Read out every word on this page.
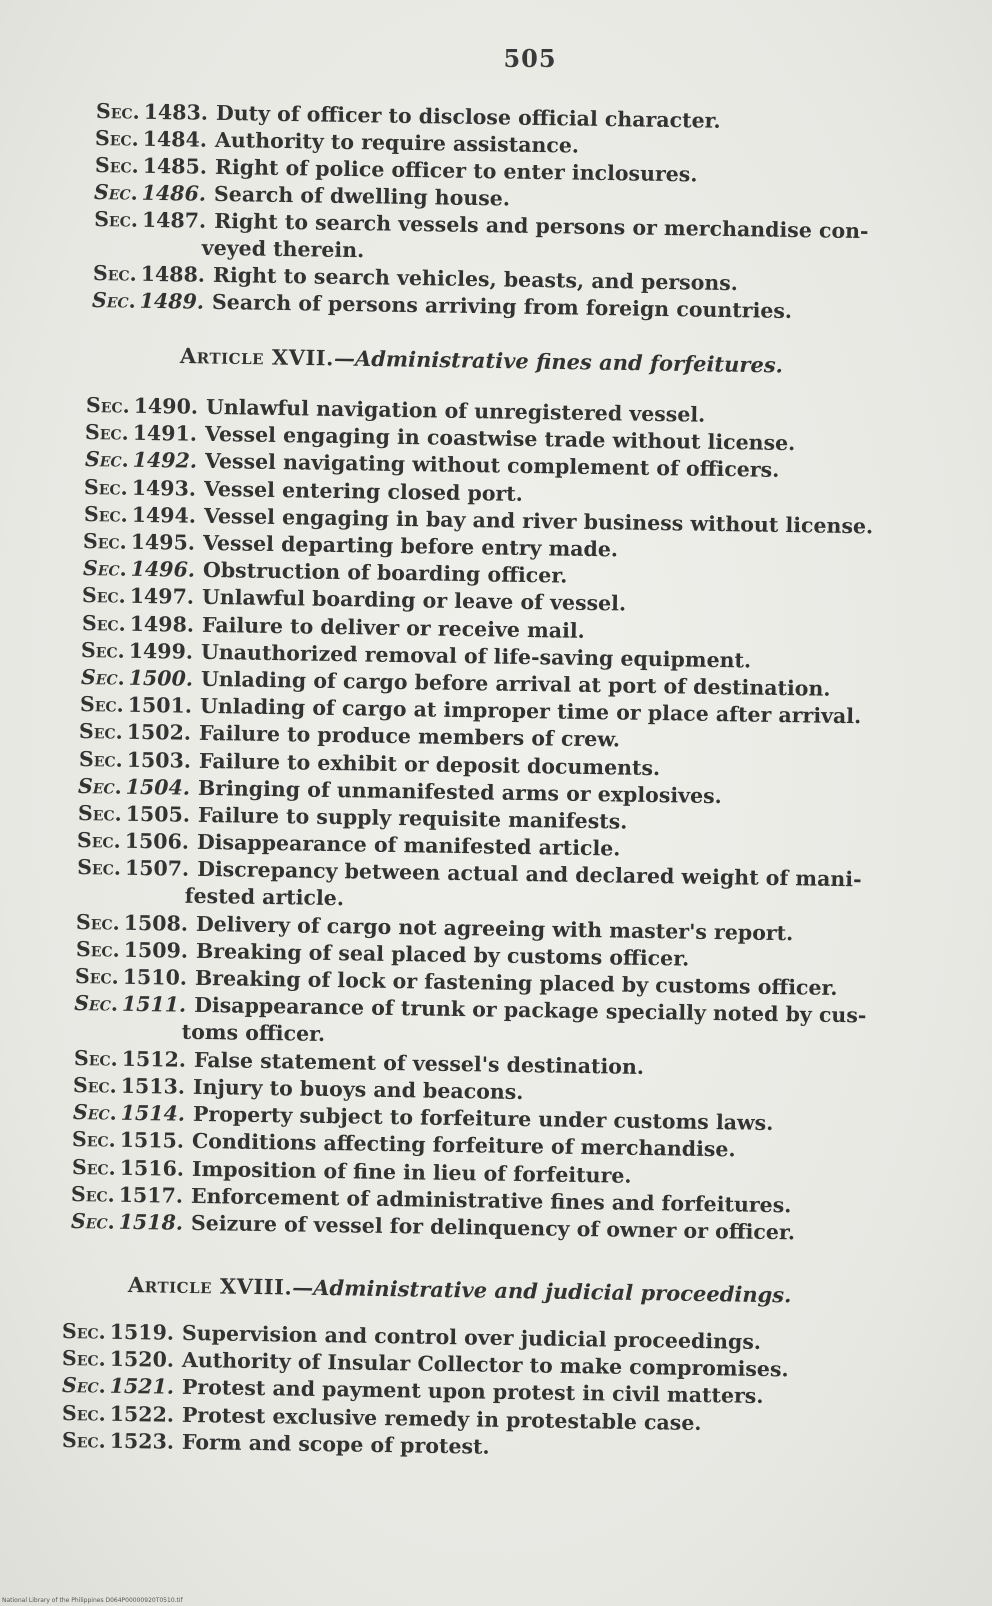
505
Sec. 1483 . Duty of officer to disclose official character.
Sec. 1484 . Authority to require assistance.
Sec. 1485 . Right of police officer to enter inclosures.
Sec. 1486 . Search of dwelling house.
Sec. 1487 . Right to search vessels and persons or merchandise con-
veyed therein.
Sec. 1488 . Right to search vehicles, beasts, and persons.
Sec. 1489 . Search of persons arriving from foreign countries.
Article XVII.—Administrative fines and forfeitures.
Sec. 1490 . Unlawful navigation of unregistered vessel.
Sec. 1491 . Vessel engaging in coastwise trade without license.
Sec. 1492 . Vessel navigating without complement of officers.
Sec. 1493 . Vessel entering closed port.
Sec. 1494 . Vessel engaging in bay and river business without license.
Sec. 1495 . Vessel departing before entry made.
Sec. 1496 . Obstruction of boarding officer.
Sec. 1497 . Unlawful boarding or leave of vessel.
Sec. 1498 . Failure to deliver or receive mail.
Sec. 1499 . Unauthorized removal of life-saving equipment.
Sec. 1500 . Unlading of cargo before arrival at port of destination.
Sec. 1501 . Unlading of cargo at improper time or place after arrival.
Sec. 1502 . Failure to produce members of crew.
Sec. 1503 . Failure to exhibit or deposit documents.
Sec. 1504 . Bringing of unmanifested arms or explosives.
Sec. 1505 . Failure to supply requisite manifests.
Sec. 1506 . Disappearance of manifested article.
Sec. 1507 . Discrepancy between actual and declared weight of mani-
fested article.
Sec. 1508 . Delivery of cargo not agreeing with master's report.
Sec. 1509 . Breaking of seal placed by customs officer.
Sec. 1510 . Breaking of lock or fastening placed by customs officer.
Sec. 1511 . Disappearance of trunk or package specially noted by cus-
toms officer.
Sec. 1512 . False statement of vessel's destination.
Sec. 1513 . Injury to buoys and beacons.
Sec. 1514 . Property subject to forfeiture under customs laws.
Sec. 1515 . Conditions affecting forfeiture of merchandise.
Sec. 1516 . Imposition of fine in lieu of forfeiture.
Sec. 1517 . Enforcement of administrative fines and forfeitures.
Sec. 1518 . Seizure of vessel for delinquency of owner or officer.
Article XVIII.—Administrative and judicial proceedings.
Sec. 1519 . Supervision and control over judicial proceedings.
Sec. 1520 . Authority of Insular Collector to make compromises.
Sec. 1521 . Protest and payment upon protest in civil matters.
Sec. 1522 . Protest exclusive remedy in protestable case.
Sec. 1523 . Form and scope of protest.
National Library of the Philippines D064P00000920T0510.tif
